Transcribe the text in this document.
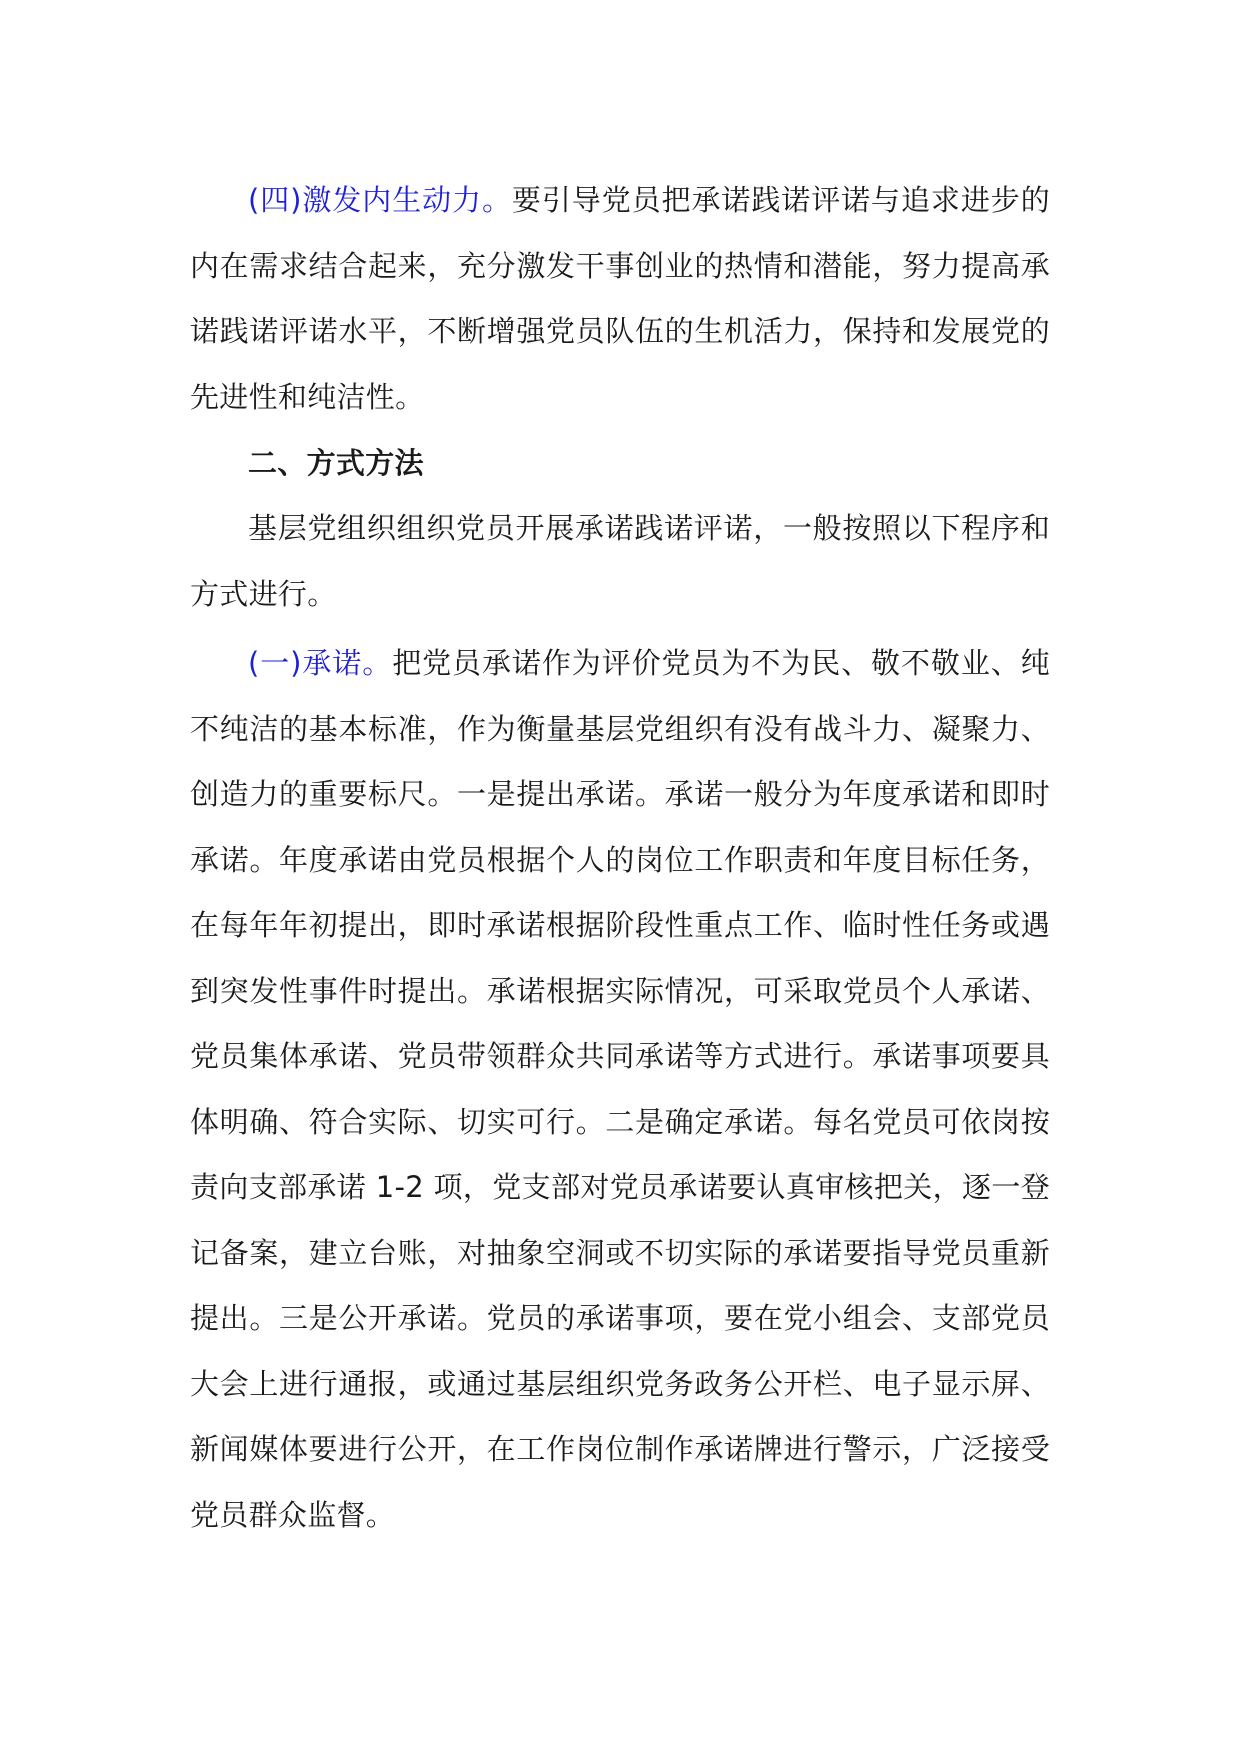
(四)激发内生动力。要引导党员把承诺践诺评诺与追求进步的内在需求结合起来，充分激发干事创业的热情和潜能，努力提高承诺践诺评诺水平，不断增强党员队伍的生机活力，保持和发展党的先进性和纯洁性。

二、方式方法

基层党组织组织党员开展承诺践诺评诺，一般按照以下程序和方式进行。

(一)承诺。把党员承诺作为评价党员为不为民、敬不敬业、纯不纯洁的基本标准，作为衡量基层党组织有没有战斗力、凝聚力、创造力的重要标尺。一是提出承诺。承诺一般分为年度承诺和即时承诺。年度承诺由党员根据个人的岗位工作职责和年度目标任务，在每年年初提出，即时承诺根据阶段性重点工作、临时性任务或遇到突发性事件时提出。承诺根据实际情况，可采取党员个人承诺、党员集体承诺、党员带领群众共同承诺等方式进行。承诺事项要具体明确、符合实际、切实可行。二是确定承诺。每名党员可依岗按责向支部承诺 1-2 项，党支部对党员承诺要认真审核把关，逐一登记备案，建立台账，对抽象空洞或不切实际的承诺要指导党员重新提出。三是公开承诺。党员的承诺事项，要在党小组会、支部党员大会上进行通报，或通过基层组织党务政务公开栏、电子显示屏、新闻媒体要进行公开，在工作岗位制作承诺牌进行警示，广泛接受党员群众监督。
